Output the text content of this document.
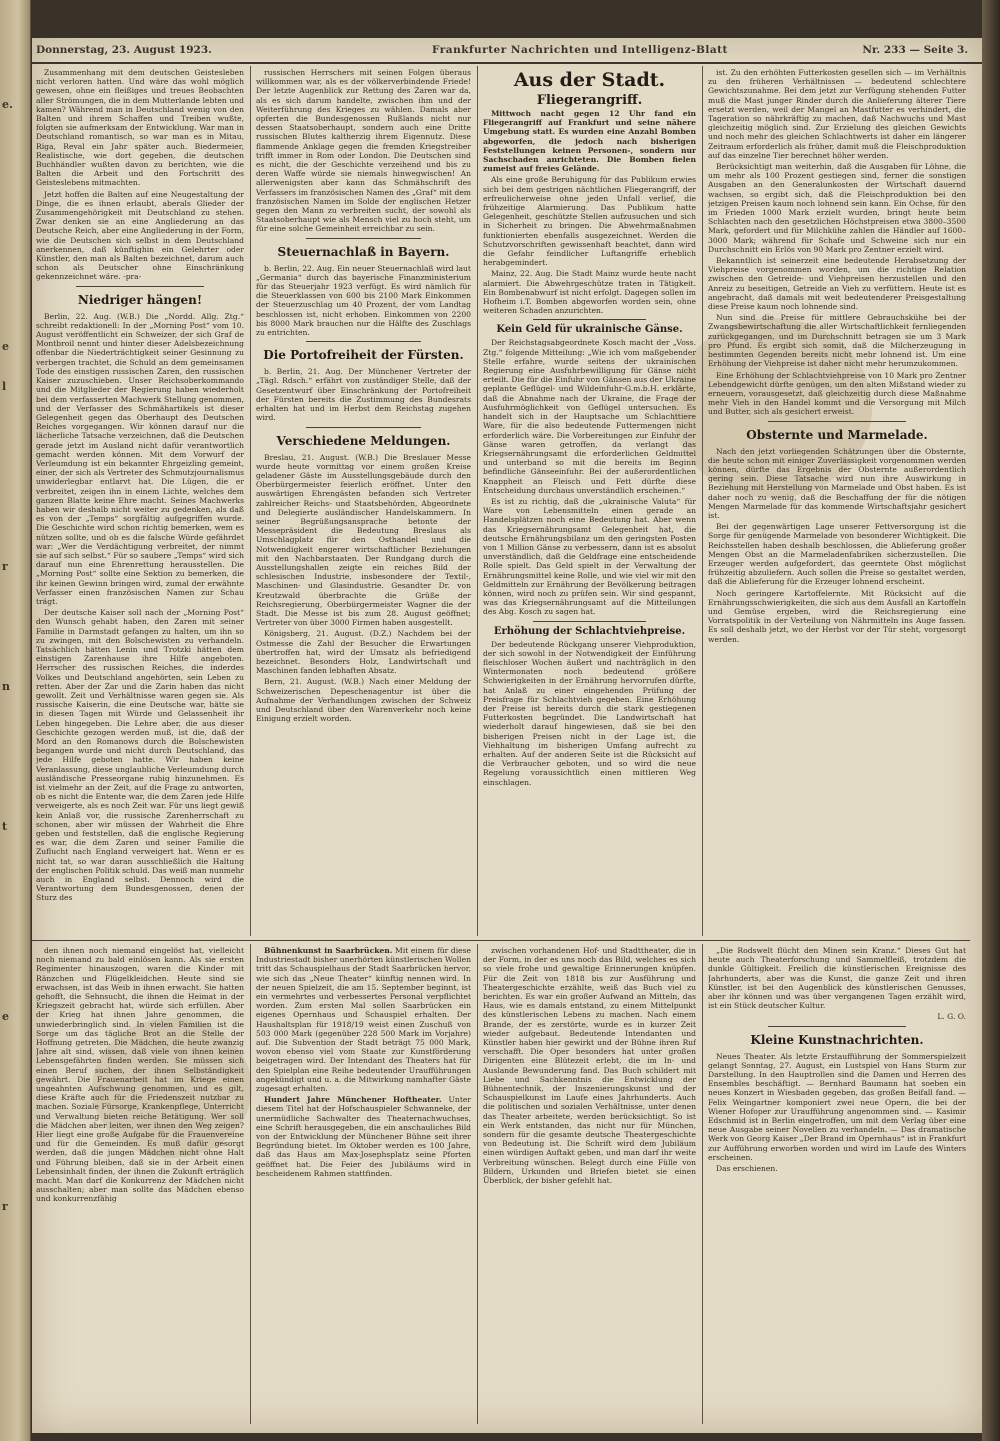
e.
e
l
r
n
t
e
r
Donnerstag, 23. August 1923.	Frankfurter Nachrichten und Intelligenz-Blatt	Nr. 233 — Seite 3.

Zusammenhang mit dem deutschen Geistesleben nicht verloren hatten. Und wäre das wohl möglich gewesen, ohne ein fleißiges und treues Beobachten aller Strömungen, die in dem Mutterlande lebten und kamen? Während man in Deutschland wenig von den Balten und ihrem Schaffen und Treiben wußte, folgten sie aufmerksam der Entwicklung. War man in Deutschland romantisch, so war man es in Mitau, Riga, Reval ein Jahr später auch. Biedermeier, Realistische, wie dort gegeben, die deutschen Buchhändler wußten davon zu berichten, wie die Balten die Arbeit und den Fortschritt des Geisteslebens mitmachten.

Jetzt hoffen die Balten auf eine Neugestaltung der Dinge, die es ihnen erlaubt, aberals Glieder der Zusammengehörigkeit mit Deutschland zu stehen. Zwar denken sie an eine Angliederung an das Deutsche Reich, aber eine Angliederung in der Form, wie die Deutschen sich selbst in dem Deutschland anerkennen, daß künftighin ein Gelehrter oder Künstler, den man als Balten bezeichnet, darum auch schon als Deutscher ohne Einschränkung gekennzeichnet wäre. -pra-

Niedriger hängen!

Berlin, 22. Aug. (W.B.) Die „Nordd. Allg. Ztg.“ schreibt redaktionell: In der „Morning Post“ vom 10. August veröffentlicht ein Schweizer, der sich Graf de Montbroil nennt und hinter dieser Adelsbezeichnung offenbar die Niederträchtigkeit seiner Gesinnung zu verbergen trachtet, die Schuld an dem gemeinsamen Tode des einstigen russischen Zaren, den russischen Kaiser zuzuschieben. Unser Reichsoberkommando und die Mitglieder der Regierung haben wiederholt bei dem verfasserten Machwerk Stellung genommen, und der Verfasser des Schmähartikels ist dieser Gelegenheit gegen das Oberhaupt des Deutschen Reiches vorgegangen. Wir können darauf nur die lächerliche Tatsache verzeichnen, daß die Deutschen gerade jetzt im Ausland nicht dafür verantwortlich gemacht werden können. Mit dem Vorwurf der Verleumdung ist ein bekannter Ehrgeizling gemeint, einer, der sich als Vertreter des Schmutzjournalismus unwiderlegbar entlarvt hat. Die Lügen, die er verbreitet, zeigen ihn in einem Lichte, welches dem ganzen Blatte keine Ehre macht. Seines Machwerks haben wir deshalb nicht weiter zu gedenken, als daß es von der „Temps“ sorgfältig aufgegriffen wurde. Die Geschichte wird schon richtig bemerken, wem es nützen sollte, und ob es die falsche Würde gefährdet war: „Wer die Verdächtigung verbreitet, der nimmt sie auf sich selbst.“ Für so saubere „Temps“ wird sich darauf nun eine Ehrenrettung herausstellen. Die „Morning Post“ sollte eine Sektion zu bemerken, die ihr keinen Gewinn bringen wird, zumal der erwähnte Verfasser einen französischen Namen zur Schau trägt.

Der deutsche Kaiser soll nach der „Morning Post“ den Wunsch gehabt haben, den Zaren mit seiner Familie in Darmstadt gefangen zu halten, um ihn so zu zwingen, mit den Bolschewisten zu verhandeln. Tatsächlich hätten Lenin und Trotzki hätten dem einstigen Zarenhause ihre Hilfe angeboten. Herrscher des russischen Reiches, die inderdes Volkes und Deutschland angehörten, sein Leben zu retten. Aber der Zar und die Zarin haben das nicht gewollt. Zeit und Verhältnisse waren gegen sie. Als russische Kaiserin, die eine Deutsche war, hätte sie in diesen Tagen mit Würde und Gelassenheit ihr Leben hingegeben. Die Lehre aber, die aus dieser Geschichte gezogen werden muß, ist die, daß der Mord an den Romanows durch die Bolschewisten begangen wurde und nicht durch Deutschland, das jede Hilfe geboten hatte. Wir haben keine Veranlassung, diese unglaubliche Verleumdung durch ausländische Presseorgane ruhig hinzunehmen. Es ist vielmehr an der Zeit, auf die Frage zu antworten, ob es nicht die Entente war, die dem Zaren jede Hilfe verweigerte, als es noch Zeit war. Für uns liegt gewiß kein Anlaß vor, die russische Zarenherrschaft zu schonen, aber wir müssen der Wahrheit die Ehre geben und feststellen, daß die englische Regierung es war, die dem Zaren und seiner Familie die Zuflucht nach England verweigert hat. Wenn er es nicht tat, so war daran ausschließlich die Haltung der englischen Politik schuld. Das weiß man nunmehr auch in England selbst. Dennoch wird die Verantwortung dem Bundesgenossen, denen der Sturz des

russischen Herrschers mit seinen Folgen überaus willkommen war, als es der völkerverbindende Friede! Der letzte Augenblick zur Rettung des Zaren war da, als es sich darum handelte, zwischen ihm und der Weiterführung des Krieges zu wählen. Damals aber opferten die Bundesgenossen Rußlands nicht nur dessen Staatsoberhaupt, sondern auch eine Dritte russischen Blutes kaltherzig ihrem Eigennutz. Diese flammende Anklage gegen die fremden Kriegstreiber trifft immer in Rom oder London. Die Deutschen sind es nicht, die der Geschichte verzeihend und bis zu deren Waffe würde sie niemals hinwegwischen! An allerwenigsten aber kann das Schmähschrift des Verfassers im französischen Namen des „Graf“ mit dem französischen Namen im Solde der englischen Hetzer gegen den Mann zu verbreiten sucht, der sowohl als Staatsoberhaupt wie als Mensch viel zu hoch steht, um für eine solche Gemeinheit erreichbar zu sein.

Steuernachlaß in Bayern.

b. Berlin, 22. Aug. Ein neuer Steuernachlaß wird laut „Germania“ durch das bayerische Finanzministerium für das Steuerjahr 1923 verfügt. Es wird nämlich für die Steuerklassen von 600 bis 2100 Mark Einkommen der Steuerzuschlag um 40 Prozent, der vom Landtag beschlossen ist, nicht erhoben. Einkommen von 2200 bis 8000 Mark brauchen nur die Hälfte des Zuschlags zu entrichten.

Die Portofreiheit der Fürsten.

b. Berlin, 21. Aug. Der Münchener Vertreter der „Tägl. Rdsch.“ erfährt von zuständiger Stelle, daß der Gesetzentwurf über Einschränkung der Portofreiheit der Fürsten bereits die Zustimmung des Bundesrats erhalten hat und im Herbst dem Reichstag zugehen wird.

Verschiedene Meldungen.

Breslau, 21. August. (W.B.) Die Breslauer Messe wurde heute vormittag vor einem großen Kreise geladener Gäste im Ausstellungsgebäude durch den Oberbürgermeister feierlich eröffnet. Unter den auswärtigen Ehrengästen befanden sich Vertreter zahlreicher Reichs- und Staatsbehörden, Abgeordnete und Delegierte ausländischer Handelskammern. In seiner Begrüßungsansprache betonte der Messepräsident die Bedeutung Breslaus als Umschlagplatz für den Osthandel und die Notwendigkeit engerer wirtschaftlicher Beziehungen mit den Nachbarstaaten. Der Rundgang durch die Ausstellungshallen zeigte ein reiches Bild der schlesischen Industrie, insbesondere der Textil-, Maschinen- und Glasindustrie. Gesandter Dr. von Kreutzwald überbrachte die Grüße der Reichsregierung, Oberbürgermeister Wagner die der Stadt. Die Messe ist bis zum 28. August geöffnet; Vertreter von über 3000 Firmen haben ausgestellt.

Königsberg, 21. August. (D.Z.) Nachdem bei der Ostmesse die Zahl der Besucher die Erwartungen übertroffen hat, wird der Umsatz als befriedigend bezeichnet. Besonders Holz, Landwirtschaft und Maschinen fanden lebhaften Absatz.

Bern, 21. August. (W.B.) Nach einer Meldung der Schweizerischen Depeschenagentur ist über die Aufnahme der Verhandlungen zwischen der Schweiz und Deutschland über den Warenverkehr noch keine Einigung erzielt worden.

Aus der Stadt.
Fliegerangriff.

Mittwoch nacht gegen 12 Uhr fand ein Fliegerangriff auf Frankfurt und seine nähere Umgebung statt. Es wurden eine Anzahl Bomben abgeworfen, die jedoch nach bisherigen Feststellungen keinen Personen-, sondern nur Sachschaden anrichteten. Die Bomben fielen zumeist auf freies Gelände.

Als eine große Beruhigung für das Publikum erwies sich bei dem gestrigen nächtlichen Fliegerangriff, der erfreulicherweise ohne jeden Unfall verlief, die frühzeitige Alarmierung. Das Publikum hatte Gelegenheit, geschützte Stellen aufzusuchen und sich in Sicherheit zu bringen. Die Abwehrmaßnahmen funktionierten ebenfalls ausgezeichnet. Werden die Schutzvorschriften gewissenhaft beachtet, dann wird die Gefahr feindlicher Luftangriffe erheblich herabgemindert.

Mainz, 22. Aug. Die Stadt Mainz wurde heute nacht alarmiert. Die Abwehrgeschütze traten in Tätigkeit. Ein Bombenabwurf ist nicht erfolgt. Dagegen sollen im Hofheim i.T. Bomben abgeworfen worden sein, ohne weiteren Schaden anzurichten.

Kein Geld für ukrainische Gänse.

Der Reichstagsabgeordnete Kosch macht der „Voss. Ztg.“ folgende Mitteilung: „Wie ich vom maßgebender Stelle erfahre, wurde seitens der ukrainischen Regierung eine Ausfuhrbewilligung für Gänse nicht erteilt. Die für die Einfuhr von Gänsen aus der Ukraine geplante Geflügel- und Wildeinfuhr-G.m.b.H. erklärte, daß die Abnahme nach der Ukraine, die Frage der Ausfuhrmöglichkeit von Geflügel untersuchen. Es handelt sich in der Hauptsache um Schlachttiere Ware, für die also bedeutende Futtermengen nicht erforderlich wäre. Die Vorbereitungen zur Einfuhr der Gänse waren getroffen, da verlangt das Kriegsernährungsamt die erforderlichen Geldmittel und unterband so mit die bereits im Beginn befindliche Gänseeinfuhr. Bei der außerordentlichen Knappheit an Fleisch und Fett dürfte diese Entscheidung durchaus unverständlich erscheinen.“

Es ist zu richtig, daß die „ukrainische Valuta“ für Ware von Lebensmitteln einen gerade an Handelsplätzen noch eine Bedeutung hat. Aber wenn das Kriegsernährungsamt Gelegenheit hat, die deutsche Ernährungsbilanz um den geringsten Posten von 1 Million Gänse zu verbessern, dann ist es absolut unverständlich, daß die Geldfrage eine entscheidende Rolle spielt. Das Geld spielt in der Verwaltung der Ernährungsmittel keine Rolle, und wie viel wir mit den Geldmitteln zur Ernährung der Bevölkerung beitragen können, wird noch zu prüfen sein. Wir sind gespannt, was das Kriegsernährungsamt auf die Mitteilungen des Abg. Kosch zu sagen hat.

Erhöhung der Schlachtviehpreise.

Der bedeutende Rückgang unserer Viehproduktion, der sich sowohl in der Notwendigkeit der Einführung fleischloser Wochen äußert und nachträglich in den Wintermonaten noch bedeutend größere Schwierigkeiten in der Ernährung hervorrufen dürfte, hat Anlaß zu einer eingehenden Prüfung der Preisfrage für Schlachtvieh gegeben. Eine Erhöhung der Preise ist bereits durch die stark gestiegenen Futterkosten begründet. Die Landwirtschaft hat wiederholt darauf hingewiesen, daß sie bei den bisherigen Preisen nicht in der Lage ist, die Viehhaltung im bisherigen Umfang aufrecht zu erhalten. Auf der anderen Seite ist die Rücksicht auf die Verbraucher geboten, und so wird die neue Regelung voraussichtlich einen mittleren Weg einschlagen.

ist. Zu den erhöhten Futterkosten gesellen sich — im Verhältnis zu den früheren Verhältnissen — bedeutend schlechtere Gewichtszunahme. Bei dem jetzt zur Verfügung stehenden Futter muß die Mast junger Rinder durch die Anlieferung älterer Tiere ersetzt werden, weil der Mangel an Mastfutter es verhindert, die Tageration so nährkräftig zu machen, daß Nachwuchs und Mast gleichzeitig möglich sind. Zur Erzielung des gleichen Gewichts und noch mehr des gleichen Schlachtwerts ist daher ein längerer Zeitraum erforderlich als früher, damit muß die Fleischproduktion auf das einzelne Tier berechnet höher werden.

Berücksichtigt man weiterhin, daß die Ausgaben für Löhne, die um mehr als 100 Prozent gestiegen sind, ferner die sonstigen Ausgaben an den Generalunkosten der Wirtschaft dauernd wachsen, so ergibt sich, daß die Fleischproduktion bei den jetzigen Preisen kaum noch lohnend sein kann. Ein Ochse, für den im Frieden 1000 Mark erzielt wurden, bringt heute beim Schlachten nach den gesetzlichen Höchstpreisen etwa 3800–3500 Mark, gefordert und für Milchkühe zahlen die Händler auf 1600–3000 Mark; während für Schafe und Schweine sich nur ein Durchschnitt ein Erlös von 90 Mark pro Zentner erzielt wird.

Bekanntlich ist seinerzeit eine bedeutende Herabsetzung der Viehpreise vorgenommen worden, um die richtige Relation zwischen den Getreide- und Viehpreisen herzustellen und den Anreiz zu beseitigen, Getreide an Vieh zu verfüttern. Heute ist es angebracht, daß damals mit weit bedeutenderer Preisgestaltung diese Preise kaum noch lohnende sind.

Nun sind die Preise für mittlere Gebrauchskühe bei der Zwangsbewirtschaftung die aller Wirtschaftlichkeit fernliegenden zurückgegangen, und im Durchschnitt betragen sie um 3 Mark pro Pfund. Es ergibt sich somit, daß die Milcherzeugung in bestimmten Gegenden bereits nicht mehr lohnend ist. Um eine Erhöhung der Viehpreise ist daher nicht mehr herumzukommen.

Eine Erhöhung der Schlachtviehpreise von 10 Mark pro Zentner Lebendgewicht dürfte genügen, um den alten Mißstand wieder zu erneuern, vorausgesetzt, daß gleichzeitig durch diese Maßnahme mehr Vieh in den Handel kommt und die Versorgung mit Milch und Butter, sich als gesichert erweist.

Obsternte und Marmelade.

Nach den jetzt vorliegenden Schätzungen über die Obsternte, die heute schon mit einiger Zuverlässigkeit vorgenommen werden können, dürfte das Ergebnis der Obsternte außerordentlich gering sein. Diese Tatsache wird nun ihre Auswirkung in Beziehung mit Herstellung von Marmelade und Obst haben. Es ist daher noch zu wenig, daß die Beschaffung der für die nötigen Mengen Marmelade für das kommende Wirtschaftsjahr gesichert ist.

Bei der gegenwärtigen Lage unserer Fettversorgung ist die Sorge für genügende Marmelade von besonderer Wichtigkeit. Die Reichsstellen haben deshalb beschlossen, die Ablieferung großer Mengen Obst an die Marmeladenfabriken sicherzustellen. Die Erzeuger werden aufgefordert, das geerntete Obst möglichst frühzeitig abzuliefern. Auch sollen die Preise so gestaltet werden, daß die Ablieferung für die Erzeuger lohnend erscheint.

Noch geringere Kartoffelernte. Mit Rücksicht auf die Ernährungsschwierigkeiten, die sich aus dem Ausfall an Kartoffeln und Gemüse ergeben, wird die Reichsregierung eine Vorratspolitik in der Verteilung von Nährmitteln ins Auge fassen. Es soll deshalb jetzt, wo der Herbst vor der Tür steht, vorgesorgt werden.

den ihnen noch niemand eingelöst hat, vielleicht noch niemand zu bald einlösen kann. Als sie ersten Regimenter hinauszogen, waren die Kinder mit Ränzchen und Flügelkleidchen. Heute sind sie erwachsen, ist das Weib in ihnen erwacht. Sie hatten gehofft, die Sehnsucht, die ihnen die Heimat in der Kriegszeit gebracht hat, würde sich erfüllen. Aber der Krieg hat ihnen Jahre genommen, die unwiederbringlich sind. In vielen Familien ist die Sorge um das tägliche Brot an die Stelle der Hoffnung getreten. Die Mädchen, die heute zwanzig Jahre alt sind, wissen, daß viele von ihnen keinen Lebensgefährten finden werden. Sie müssen sich einen Beruf suchen, der ihnen Selbständigkeit gewährt. Die Frauenarbeit hat im Kriege einen ungeahnten Aufschwung genommen, und es gilt, diese Kräfte auch für die Friedenszeit nutzbar zu machen. Soziale Fürsorge, Krankenpflege, Unterricht und Verwaltung bieten reiche Betätigung. Wer soll die Mädchen aber leiten, wer ihnen den Weg zeigen? Hier liegt eine große Aufgabe für die Frauenvereine und für die Gemeinden. Es muß dafür gesorgt werden, daß die jungen Mädchen nicht ohne Halt und Führung bleiben, daß sie in der Arbeit einen Lebensinhalt finden, der ihnen die Zukunft erträglich macht. Man darf die Konkurrenz der Mädchen nicht ausschalten; aber man sollte das Mädchen ebenso und konkurrenzfähig

Bühnenkunst in Saarbrücken. Mit einem für diese Industriestadt bisher unerhörten künstlerischen Wollen tritt das Schauspielhaus der Stadt Saarbrücken hervor, wie sich das „Neue Theater“ künftig nennen wird. In der neuen Spielzeit, die am 15. September beginnt, ist ein vermehrtes und verbessertes Personal verpflichtet worden. Zum ersten Mal sollen Saarbrücken ein eigenes Opernhaus und Schauspiel erhalten. Der Haushaltsplan für 1918/19 weist einen Zuschuß von 503 000 Mark (gegenüber 228 500 Mark im Vorjahre) auf. Die Subvention der Stadt beträgt 75 000 Mark, wovon ebenso viel vom Staate zur Kunstförderung beigetragen wird. Der Intendant des Theaters hat für den Spielplan eine Reihe bedeutender Uraufführungen angekündigt und u. a. die Mitwirkung namhafter Gäste zugesagt erhalten.

Hundert Jahre Münchener Hoftheater. Unter diesem Titel hat der Hofschauspieler Schwanneke, der unermüdliche Sachwalter des Theaternachwuchses, eine Schrift herausgegeben, die ein anschauliches Bild von der Entwicklung der Münchener Bühne seit ihrer Begründung bietet. Im Oktober werden es 100 Jahre, daß das Haus am Max-Josephsplatz seine Pforten geöffnet hat. Die Feier des Jubiläums wird in bescheidenem Rahmen stattfinden.

zwischen vorhandenen Hof- und Stadttheater, die in der Form, in der es uns noch das Bild, welches es sich so viele frohe und gewaltige Erinnerungen knüpfen. Für die Zeit von 1818 bis zur Ausführung und Theatergeschichte erzählte, weiß das Buch viel zu berichten. Es war ein großer Aufwand an Mitteln, das Haus, wie es damals entstand, zu einem Mittelpunkt des künstlerischen Lebens zu machen. Nach einem Brande, der es zerstörte, wurde es in kurzer Zeit wieder aufgebaut. Bedeutende Intendanten und Künstler haben hier gewirkt und der Bühne ihren Ruf verschafft. Die Oper besonders hat unter großen Dirigenten eine Blütezeit erlebt, die im In- und Auslande Bewunderung fand. Das Buch schildert mit Liebe und Sachkenntnis die Entwicklung der Bühnentechnik, der Inszenierungskunst und der Schauspielkunst im Laufe eines Jahrhunderts. Auch die politischen und sozialen Verhältnisse, unter denen das Theater arbeitete, werden berücksichtigt. So ist ein Werk entstanden, das nicht nur für München, sondern für die gesamte deutsche Theatergeschichte von Bedeutung ist. Die Schrift wird dem Jubiläum einen würdigen Auftakt geben, und man darf ihr weite Verbreitung wünschen. Belegt durch eine Fülle von Bildern, Urkunden und Briefen bietet sie einen Überblick, der bisher gefehlt hat.

„Die Rodswelt flücht den Minen sein Kranz.“ Dieses Gut hat heute auch Theaterforschung und Sammelfleiß, trotzdem die dunkle Gültigkeit. Freilich die künstlerischen Ereignisse des Jahrhunderts, aber was die Kunst, die ganze Zeit und ihren Künstler, ist bei den Augenblick des künstlerischen Genusses, aber ihr können und was über vergangenen Tagen erzählt wird, ist ein Stück deutscher Kultur.

L. G. O.
Kleine Kunstnachrichten.

Neues Theater. Als letzte Erstaufführung der Sommerspielzeit gelangt Sonntag, 27. August, ein Lustspiel von Hans Sturm zur Darstellung. In den Hauptrollen sind die Damen und Herren des Ensembles beschäftigt. — Bernhard Baumann hat soeben ein neues Konzert in Wiesbaden gegeben, das großen Beifall fand. — Felix Weingartner komponiert zwei neue Opern, die bei der Wiener Hofoper zur Uraufführung angenommen sind. — Kasimir Edschmid ist in Berlin eingetroffen, um mit dem Verlag über eine neue Ausgabe seiner Novellen zu verhandeln. — Das dramatische Werk von Georg Kaiser „Der Brand im Opernhaus“ ist in Frankfurt zur Aufführung erworben worden und wird im Laufe des Winters erscheinen.

Das erschienen.
